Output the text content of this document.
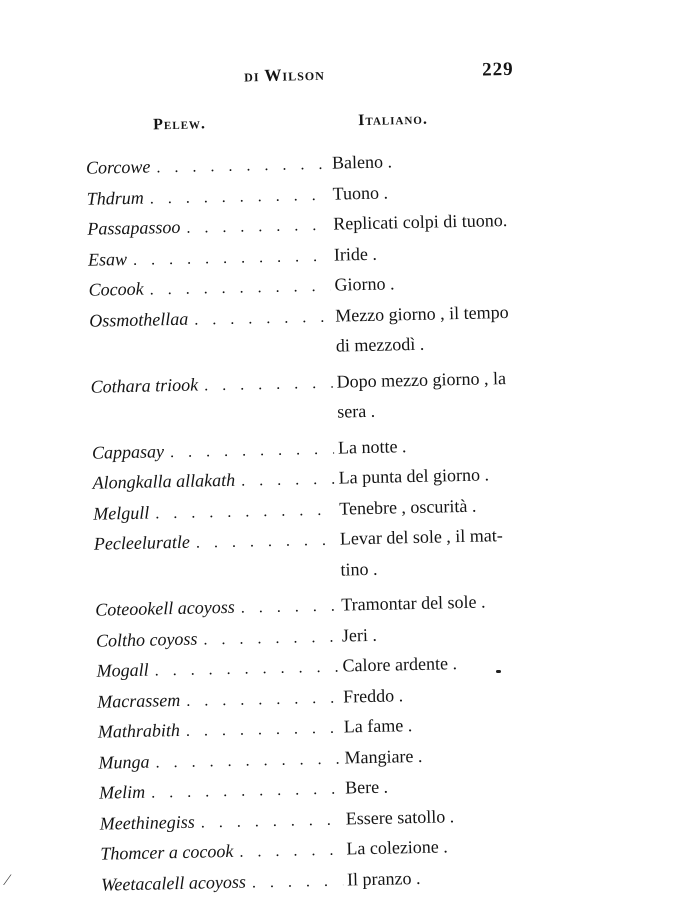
di Wilson	229
Pelew.	Italiano.
Corcowe . . .	Baleno .
Thdrum . . .	Tuono .
Passapassoo . . .	Replicati colpi di tuono.
Esaw . . .	Iride .
Cocook . . .	Giorno .
Ossmothellaa . . .	Mezzo giorno , il tempo
di mezzodì .
Cothara triook . . .	Dopo mezzo giorno , la
sera .
Cappasay . . .	La notte .
Alongkalla allakath . . .	La punta del giorno .
Melgull . . .	Tenebre , oscurità .
Pecleeluratle . . .	Levar del sole , il mat-
tino .
Coteookell acoyoss . . .	Tramontar del sole .
Coltho coyoss . . .	Jeri .
Mogall . . .	Calore ardente .
Macrassem . . .	Freddo .
Mathrabith . . .	La fame .
Munga . . .	Mangiare .
Melim . . .	Bere .
Meethinegiss . . .	Essere satollo .
Thomcer a cocook . . .	La colezione .
Weetacalell acoyoss . . .	Il pranzo .
⁄
